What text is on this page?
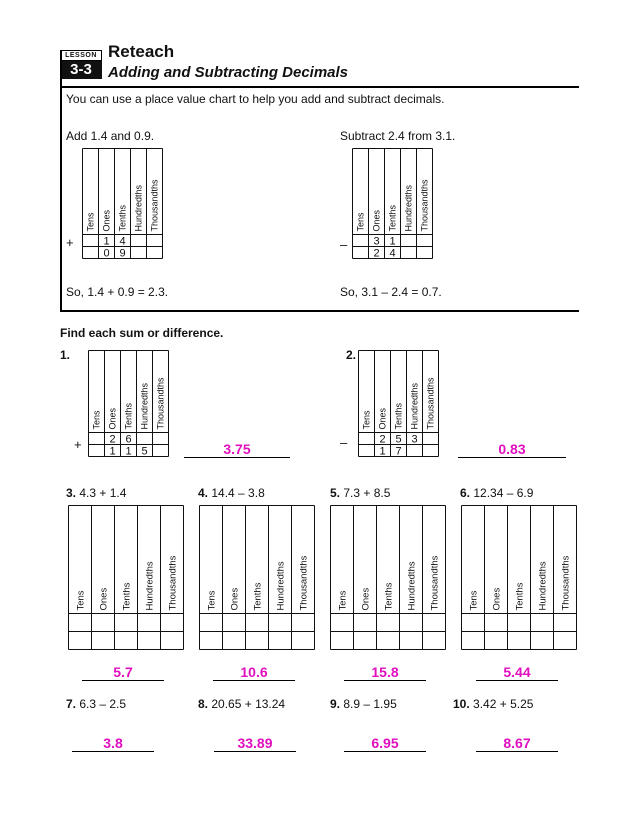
LESSON
3-3
Reteach
Adding and Subtracting Decimals
You can use a place value chart to help you add and subtract decimals.
Add 1.4 and 0.9.
+
Tens Ones Tenths Hundredths Thousandths
1 4
0 9
So, 1.4 + 0.9 = 2.3.
Subtract 2.4 from 3.1.
–
Tens Ones Tenths Hundredths Thousandths
3 1
2 4
So, 3.1 – 2.4 = 0.7.
Find each sum or difference.
1.
+
Tens Ones Tenths Hundredths Thousandths
2 6
1 1 5	3.75
2.
–
Tens Ones Tenths Hundredths Thousandths
2 5 3
1 7	0.83
3. 4.3 + 1.4
Tens Ones Tenths Hundredths Thousandths
5.7
4. 14.4 – 3.8
Tens Ones Tenths Hundredths Thousandths
10.6
5. 7.3 + 8.5
Tens Ones Tenths Hundredths Thousandths
15.8
6. 12.34 – 6.9
Tens Ones Tenths Hundredths Thousandths
5.44
7. 6.3 – 2.5
3.8
8. 20.65 + 13.24
33.89
9. 8.9 – 1.95
6.95
10. 3.42 + 5.25
8.67
